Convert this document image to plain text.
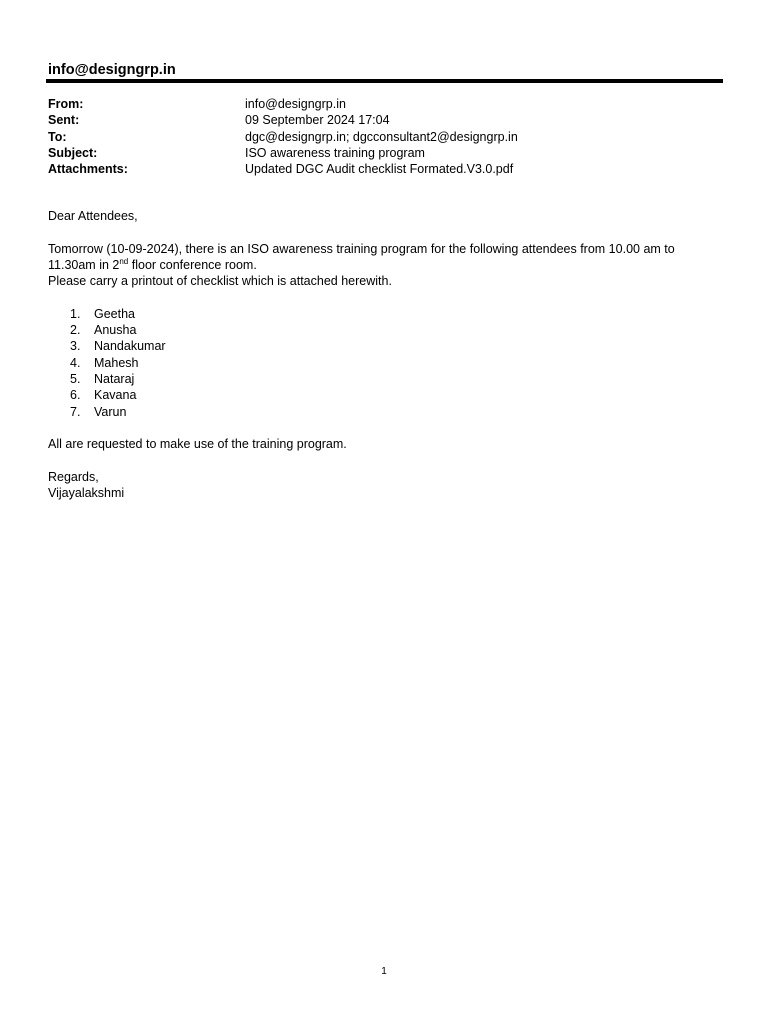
info@designgrp.in
From:	info@designgrp.in
Sent:	09 September 2024 17:04
To:	dgc@designgrp.in; dgcconsultant2@designgrp.in
Subject:	ISO awareness training program
Attachments:	Updated DGC Audit checklist Formated.V3.0.pdf

Dear Attendees,

Tomorrow (10-09-2024), there is an ISO awareness training program for the following attendees from 10.00 am to 11.30am in 2nd floor conference room.

Please carry a printout of checklist which is attached herewith.

1. Geetha
2. Anusha
3. Nandakumar
4. Mahesh
5. Nataraj
6. Kavana
7. Varun

All are requested to make use of the training program.

Regards,

Vijayalakshmi

1
